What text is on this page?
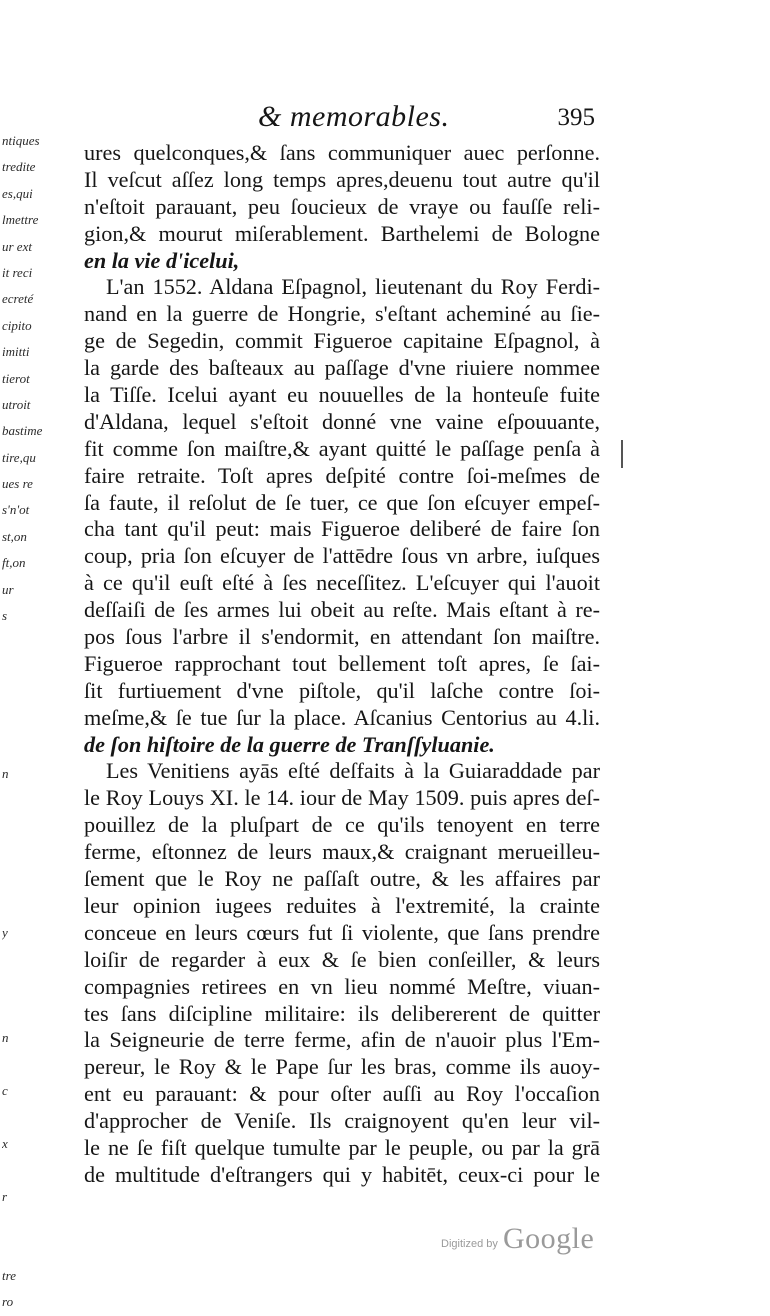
ntiques
tredite
es,qui
lmettre
ur ext
it reci
ecreté
cipito
imitti
tierot
utroit
bastime
tire,qu
ues re
s'n'ot
st,on
ft,on
ur
s
n
y
n
c
x
r
tre
ro
& memorables.	395
ures quelconques,& ſans communiquer auec perſonne.
Il veſcut aſſez long temps apres,deuenu tout autre qu'il
n'eſtoit parauant, peu ſoucieux de vraye ou fauſſe reli-
gion,& mourut miſerablement. Barthelemi de Bologne
en la vie d'icelui,
L'an 1552. Aldana Eſpagnol, lieutenant du Roy Ferdi-
nand en la guerre de Hongrie, s'eſtant acheminé au ſie-
ge de Segedin, commit Figueroe capitaine Eſpagnol, à
la garde des baſteaux au paſſage d'vne riuiere nommee
la Tiſſe. Icelui ayant eu nouuelles de la honteuſe fuite
d'Aldana, lequel s'eſtoit donné vne vaine eſpouuante,
fit comme ſon maiſtre,& ayant quitté le paſſage penſa à
faire retraite. Toſt apres deſpité contre ſoi-meſmes de
ſa faute, il reſolut de ſe tuer, ce que ſon eſcuyer empeſ-
cha tant qu'il peut: mais Figueroe deliberé de faire ſon
coup, pria ſon eſcuyer de l'attēdre ſous vn arbre, iuſques
à ce qu'il euſt eſté à ſes neceſſitez. L'eſcuyer qui l'auoit
deſſaiſi de ſes armes lui obeit au reſte. Mais eſtant à re-
pos ſous l'arbre il s'endormit, en attendant ſon maiſtre.
Figueroe rapprochant tout bellement toſt apres, ſe ſai-
ſit furtiuement d'vne piſtole, qu'il laſche contre ſoi-
meſme,& ſe tue ſur la place. Aſcanius Centorius au 4.li.
de ſon hiſtoire de la guerre de Tranſſyluanie.
Les Venitiens ayās eſté deſfaits à la Guiaraddade par
le Roy Louys XI. le 14. iour de May 1509. puis apres deſ-
pouillez de la pluſpart de ce qu'ils tenoyent en terre
ferme, eſtonnez de leurs maux,& craignant merueilleu-
ſement que le Roy ne paſſaſt outre, & les affaires par
leur opinion iugees reduites à l'extremité, la crainte
conceue en leurs cœurs fut ſi violente, que ſans prendre
loiſir de regarder à eux & ſe bien conſeiller, & leurs
compagnies retirees en vn lieu nommé Meſtre, viuan-
tes ſans diſcipline militaire: ils delibererent de quitter
la Seigneurie de terre ferme, afin de n'auoir plus l'Em-
pereur, le Roy & le Pape ſur les bras, comme ils auoy-
ent eu parauant: & pour oſter auſſi au Roy l'occaſion
d'approcher de Veniſe. Ils craignoyent qu'en leur vil-
le ne ſe fiſt quelque tumulte par le peuple, ou par la grā
de multitude d'eſtrangers qui y habitēt, ceux-ci pour le
Digitized by Google
